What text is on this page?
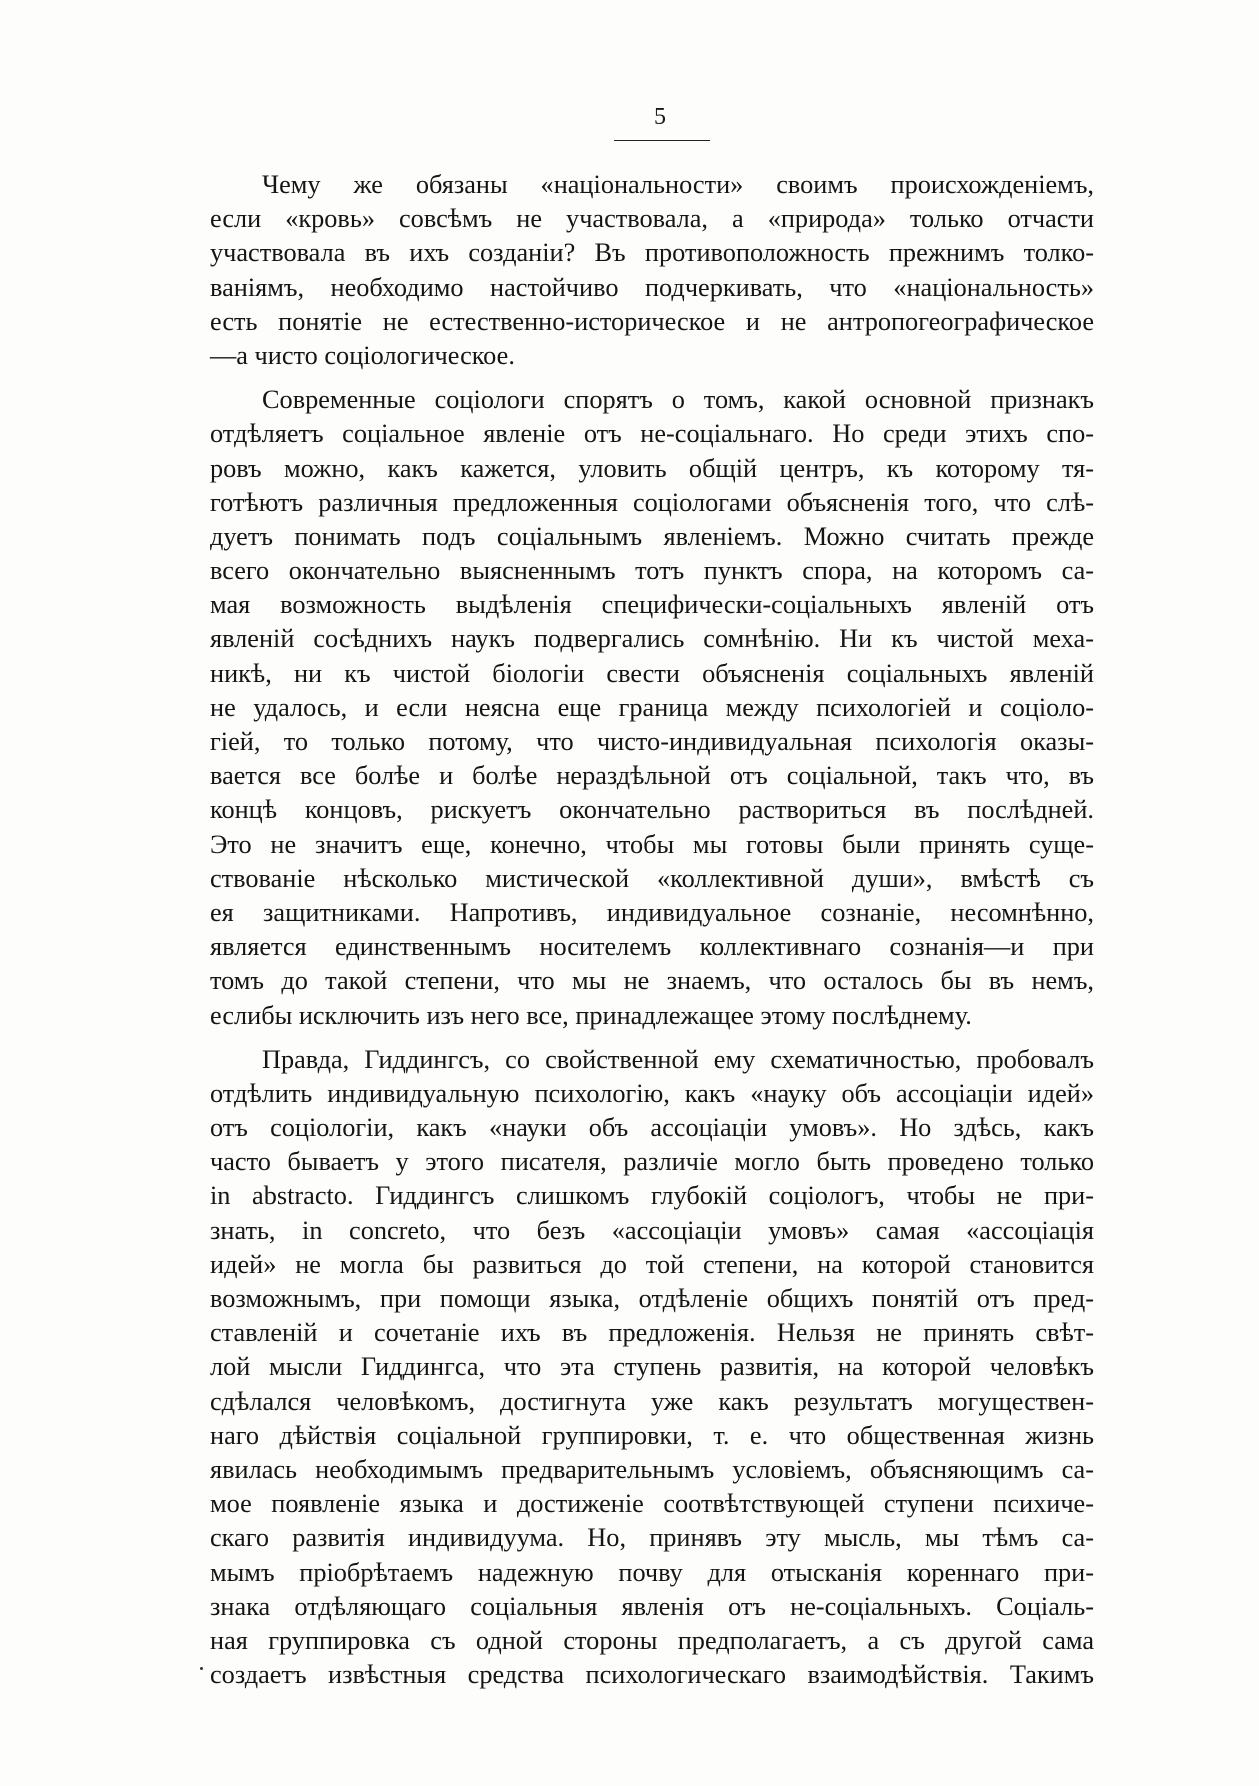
5
Чему же обязаны «національности» своимъ происхожденіемъ,
если «кровь» совсѣмъ не участвовала, а «природа» только отчасти
участвовала въ ихъ созданіи? Въ противоположность прежнимъ толко-
ваніямъ, необходимо настойчиво подчеркивать, что «національность»
есть понятіе не естественно-историческое и не антропогеографическое
—а чисто соціологическое.
Современные соціологи спорятъ о томъ, какой основной признакъ
отдѣляетъ соціальное явленіе отъ не-соціальнаго. Но среди этихъ спо-
ровъ можно, какъ кажется, уловить общій центръ, къ которому тя-
готѣютъ различныя предложенныя соціологами объясненія того, что слѣ-
дуетъ понимать подъ соціальнымъ явленіемъ. Можно считать прежде
всего окончательно выясненнымъ тотъ пунктъ спора, на которомъ са-
мая возможность выдѣленія специфически-соціальныхъ явленій отъ
явленій сосѣднихъ наукъ подвергались сомнѣнію. Ни къ чистой меха-
никѣ, ни къ чистой біологіи свести объясненія соціальныхъ явленій
не удалось, и если неясна еще граница между психологіей и соціоло-
гіей, то только потому, что чисто-индивидуальная психологія оказы-
вается все болѣе и болѣе нераздѣльной отъ соціальной, такъ что, въ
концѣ концовъ, рискуетъ окончательно раствориться въ послѣдней.
Это не значитъ еще, конечно, чтобы мы готовы были принять суще-
ствованіе нѣсколько мистической «коллективной души», вмѣстѣ съ
ея защитниками. Напротивъ, индивидуальное сознаніе, несомнѣнно,
является единственнымъ носителемъ коллективнаго сознанія—и при
томъ до такой степени, что мы не знаемъ, что осталось бы въ немъ,
еслибы исключить изъ него все, принадлежащее этому послѣднему.
Правда, Гиддингсъ, со свойственной ему схематичностью, пробовалъ
отдѣлить индивидуальную психологію, какъ «науку объ ассоціаціи идей»
отъ соціологіи, какъ «науки объ ассоціаціи умовъ». Но здѣсь, какъ
часто бываетъ у этого писателя, различіе могло быть проведено только
in abstracto. Гиддингсъ слишкомъ глубокій соціологъ, чтобы не при-
знать, in concreto, что безъ «ассоціаціи умовъ» самая «ассоціація
идей» не могла бы развиться до той степени, на которой становится
возможнымъ, при помощи языка, отдѣленіе общихъ понятій отъ пред-
ставленій и сочетаніе ихъ въ предложенія. Нельзя не принять свѣт-
лой мысли Гиддингса, что эта ступень развитія, на которой человѣкъ
сдѣлался человѣкомъ, достигнута уже какъ результатъ могуществен-
наго дѣйствія соціальной группировки, т. е. что общественная жизнь
явилась необходимымъ предварительнымъ условіемъ, объясняющимъ са-
мое появленіе языка и достиженіе соотвѣтствующей ступени психиче-
скаго развитія индивидуума. Но, принявъ эту мысль, мы тѣмъ са-
мымъ пріобрѣтаемъ надежную почву для отысканія кореннаго при-
знака отдѣляющаго соціальныя явленія отъ не-соціальныхъ. Соціаль-
ная группировка съ одной стороны предполагаетъ, а съ другой сама
создаетъ извѣстныя средства психологическаго взаимодѣйствія. Такимъ
